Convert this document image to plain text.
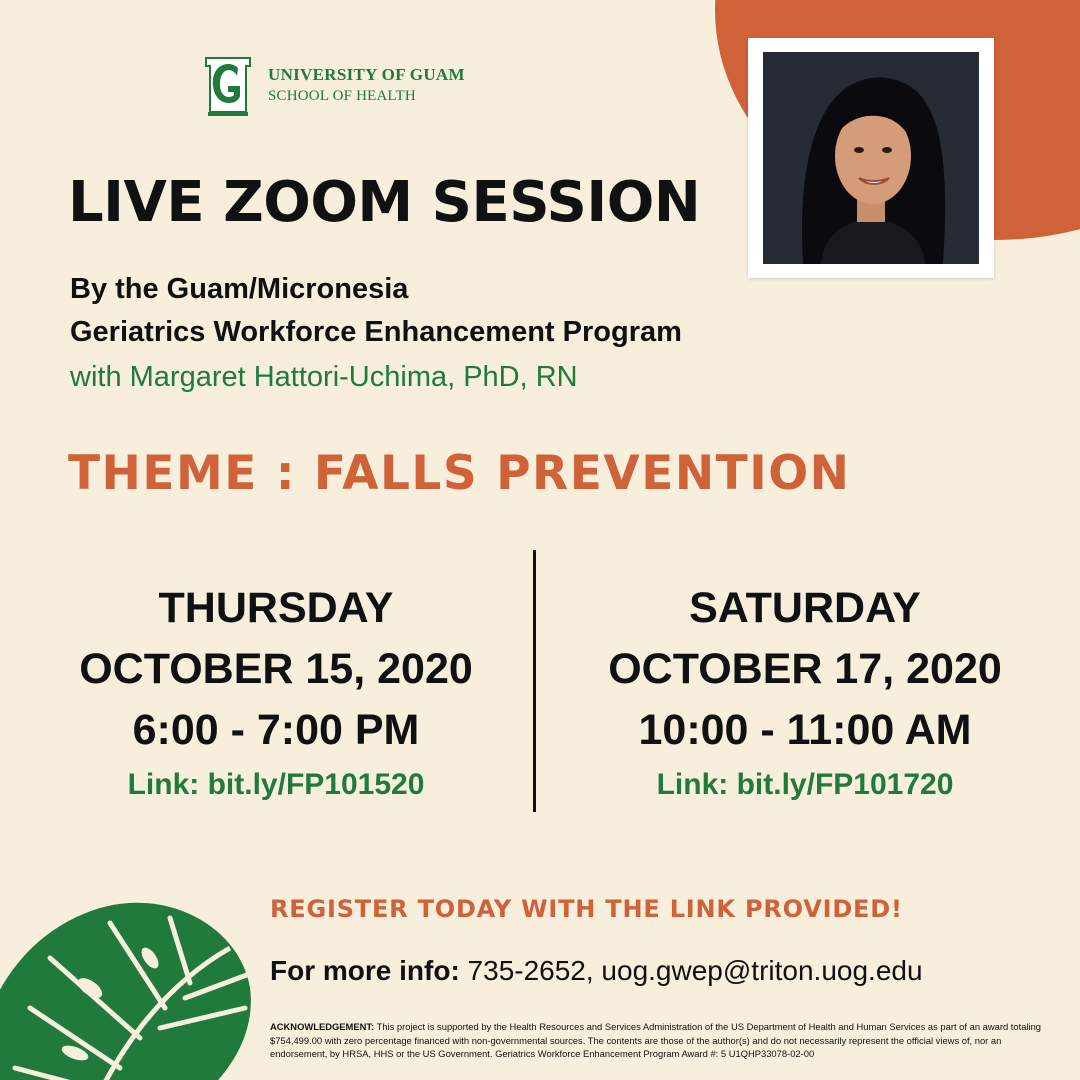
UNIVERSITY OF GUAM
SCHOOL OF HEALTH
LIVE ZOOM SESSION
By the Guam/Micronesia
Geriatrics Workforce Enhancement Program
with Margaret Hattori-Uchima, PhD, RN
THEME : FALLS PREVENTION
THURSDAY
OCTOBER 15, 2020
6:00 - 7:00 PM
Link: bit.ly/FP101520
SATURDAY
OCTOBER 17, 2020
10:00 - 11:00 AM
Link: bit.ly/FP101720
REGISTER TODAY WITH THE LINK PROVIDED!
For more info: 735-2652, uog.gwep@triton.uog.edu
ACKNOWLEDGEMENT: This project is supported by the Health Resources and Services Administration of the US Department of Health and Human Services as part of an award totaling $754,499.00 with zero percentage financed with non-governmental sources. The contents are those of the author(s) and do not necessarily represent the official views of, nor an endorsement, by HRSA, HHS or the US Government. Geriatrics Workforce Enhancement Program Award #: 5 U1QHP33078-02-00
